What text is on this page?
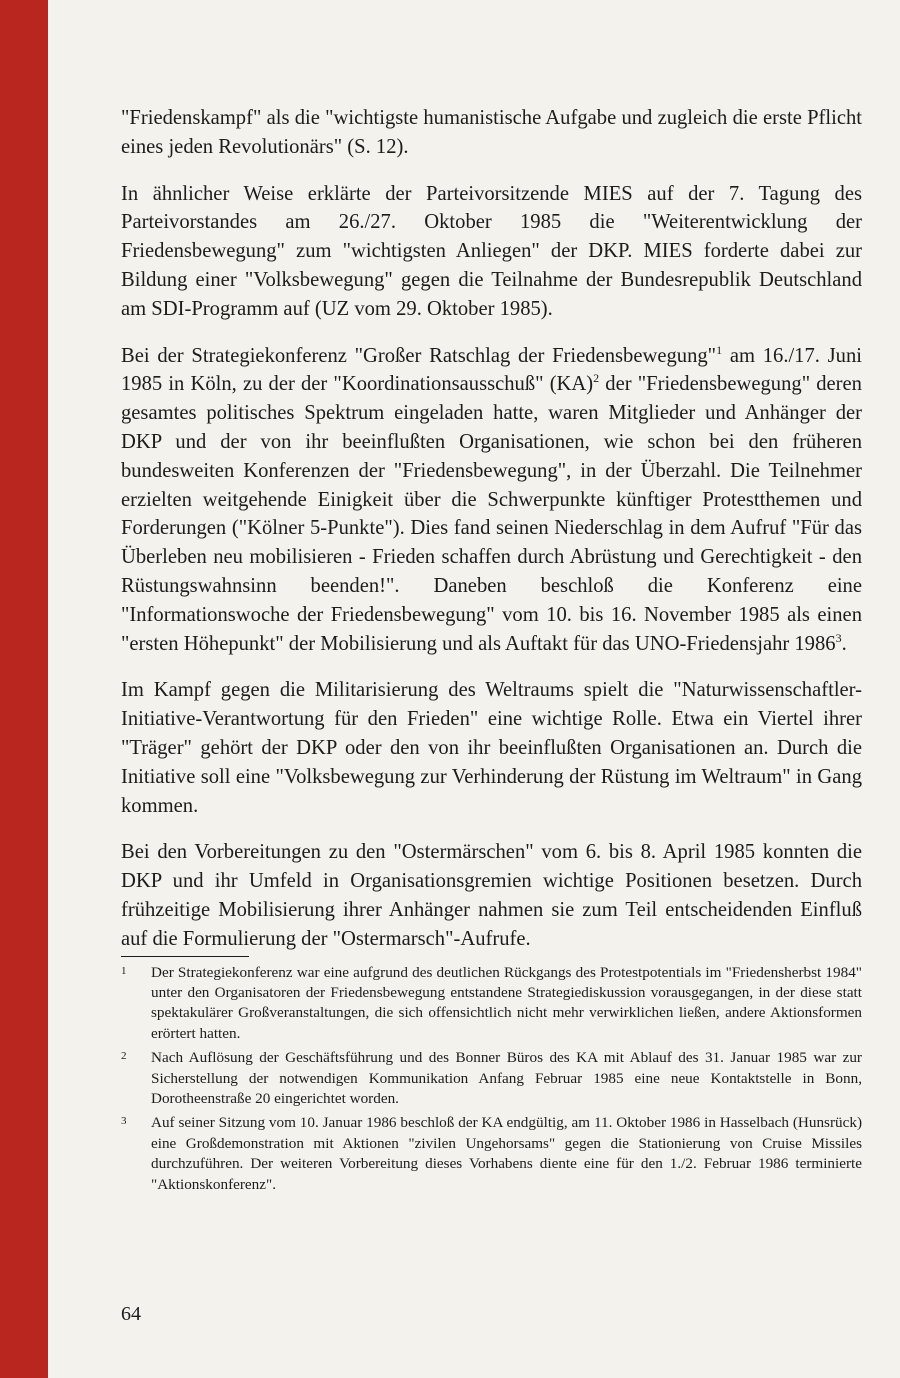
"Friedenskampf" als die "wichtigste humanistische Aufgabe und zugleich die erste Pflicht eines jeden Revolutionärs" (S. 12).

In ähnlicher Weise erklärte der Parteivorsitzende MIES auf der 7. Tagung des Parteivorstandes am 26./27. Oktober 1985 die "Weiterentwicklung der Friedensbewegung" zum "wichtigsten Anliegen" der DKP. MIES forderte dabei zur Bildung einer "Volksbewegung" gegen die Teilnahme der Bundesrepublik Deutschland am SDI-Programm auf (UZ vom 29. Oktober 1985).

Bei der Strategiekonferenz "Großer Ratschlag der Friedensbewegung"$^1$ am 16./17. Juni 1985 in Köln, zu der der "Koordinationsausschuß" (KA)$^2$ der "Friedensbewegung" deren gesamtes politisches Spektrum eingeladen hatte, waren Mitglieder und Anhänger der DKP und der von ihr beeinflußten Organisationen, wie schon bei den früheren bundesweiten Konferenzen der "Friedensbewegung", in der Überzahl. Die Teilnehmer erzielten weitgehende Einigkeit über die Schwerpunkte künftiger Protestthemen und Forderungen ("Kölner 5-Punkte"). Dies fand seinen Niederschlag in dem Aufruf "Für das Überleben neu mobilisieren - Frieden schaffen durch Abrüstung und Gerechtigkeit - den Rüstungswahnsinn beenden!". Daneben beschloß die Konferenz eine "Informationswoche der Friedensbewegung" vom 10. bis 16. November 1985 als einen "ersten Höhepunkt" der Mobilisierung und als Auftakt für das UNO-Friedensjahr 1986$^3$.

Im Kampf gegen die Militarisierung des Weltraums spielt die "Naturwissenschaftler-Initiative-Verantwortung für den Frieden" eine wichtige Rolle. Etwa ein Viertel ihrer "Träger" gehört der DKP oder den von ihr beeinflußten Organisationen an. Durch die Initiative soll eine "Volksbewegung zur Verhinderung der Rüstung im Weltraum" in Gang kommen.

Bei den Vorbereitungen zu den "Ostermärschen" vom 6. bis 8. April 1985 konnten die DKP und ihr Umfeld in Organisationsgremien wichtige Positionen besetzen. Durch frühzeitige Mobilisierung ihrer Anhänger nahmen sie zum Teil entscheidenden Einfluß auf die Formulierung der "Ostermarsch"-Aufrufe.

1 Der Strategiekonferenz war eine aufgrund des deutlichen Rückgangs des Protestpotentials im "Friedensherbst 1984" unter den Organisatoren der Friedensbewegung entstandene Strategiediskussion vorausgegangen, in der diese statt spektakulärer Großveranstaltungen, die sich offensichtlich nicht mehr verwirklichen ließen, andere Aktionsformen erörtert hatten.
2 Nach Auflösung der Geschäftsführung und des Bonner Büros des KA mit Ablauf des 31. Januar 1985 war zur Sicherstellung der notwendigen Kommunikation Anfang Februar 1985 eine neue Kontaktstelle in Bonn, Dorotheenstraße 20 eingerichtet worden.
3 Auf seiner Sitzung vom 10. Januar 1986 beschloß der KA endgültig, am 11. Oktober 1986 in Hasselbach (Hunsrück) eine Großdemonstration mit Aktionen "zivilen Ungehorsams" gegen die Stationierung von Cruise Missiles durchzuführen. Der weiteren Vorbereitung dieses Vorhabens diente eine für den 1./2. Februar 1986 terminierte "Aktionskonferenz".
64
